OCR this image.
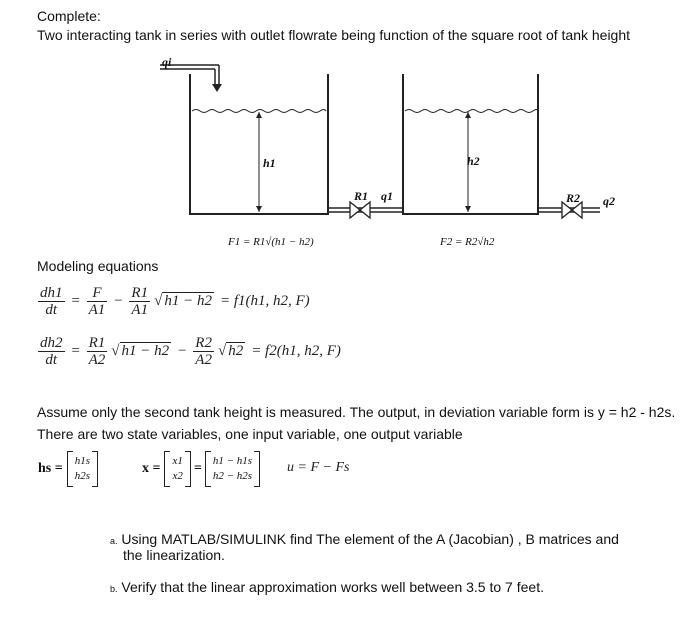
Complete:
Two interacting tank in series with outlet flowrate being function of the square root of tank height
qi
h1	h2
R1 q1	R2 q2
F1 = R1√(h1 − h2)	F2 = R2√h2
Modeling equations
$\frac{dh1}{dt} = \frac{F}{A1} - \frac{R1}{A1}$ √ h1 − h2 = f1(h1, h2, F)
$\frac{dh2}{dt} = \frac{R1}{A2}$ √ $h1 - h2 - \frac{R2}{A2}$ √ h2 = f2(h1, h2, F)
Assume only the second tank height is measured. The output, in deviation variable form is y = h2 - h2s.
There are two state variables, one input variable, one output variable
hs = h1s
h2s	x = x1
x2 = h1 − h1s
h2 − h2s
u = F − Fs
a. Using MATLAB/SIMULINK find The element of the A (Jacobian) , B matrices and
the linearization.
b. Verify that the linear approximation works well between 3.5 to 7 feet.
